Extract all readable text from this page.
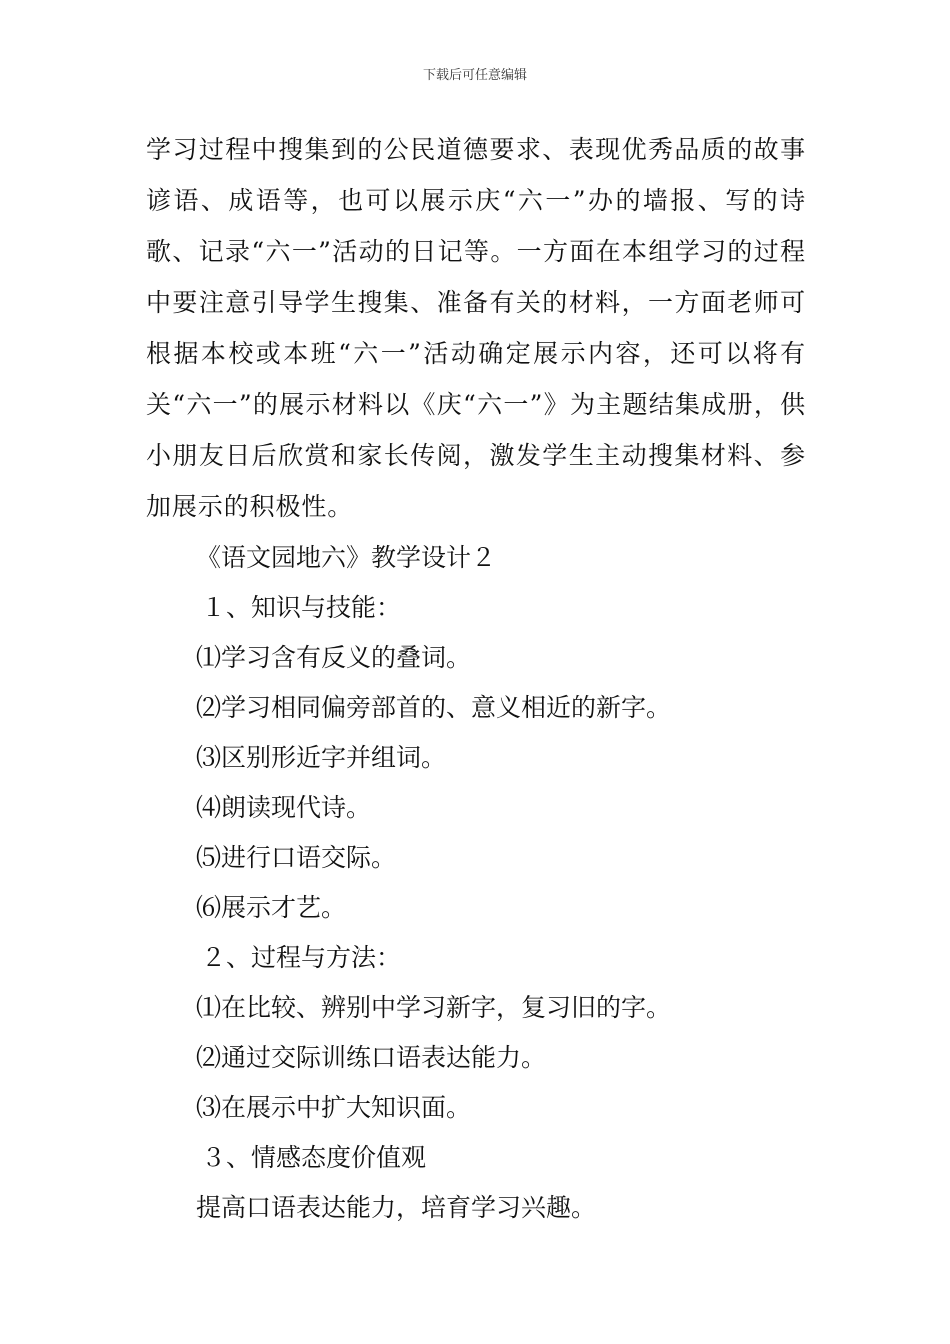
下载后可任意编辑

学习过程中搜集到的公民道德要求、表现优秀品质的故事谚语、成语等，也可以展示庆“六一”办的墙报、写的诗歌、记录“六一”活动的日记等。一方面在本组学习的过程中要注意引导学生搜集、准备有关的材料，一方面老师可根据本校或本班“六一”活动确定展示内容，还可以将有关“六一”的展示材料以《庆“六一”》为主题结集成册，供小朋友日后欣赏和家长传阅，激发学生主动搜集材料、参加展示的积极性。

《语文园地六》教学设计２

１、知识与技能：

⑴学习含有反义的叠词。

⑵学习相同偏旁部首的、意义相近的新字。

⑶区别形近字并组词。

⑷朗读现代诗。

⑸进行口语交际。

⑹展示才艺。

２、过程与方法：

⑴在比较、辨别中学习新字，复习旧的字。

⑵通过交际训练口语表达能力。

⑶在展示中扩大知识面。

３、情感态度价值观

提高口语表达能力，培育学习兴趣。
